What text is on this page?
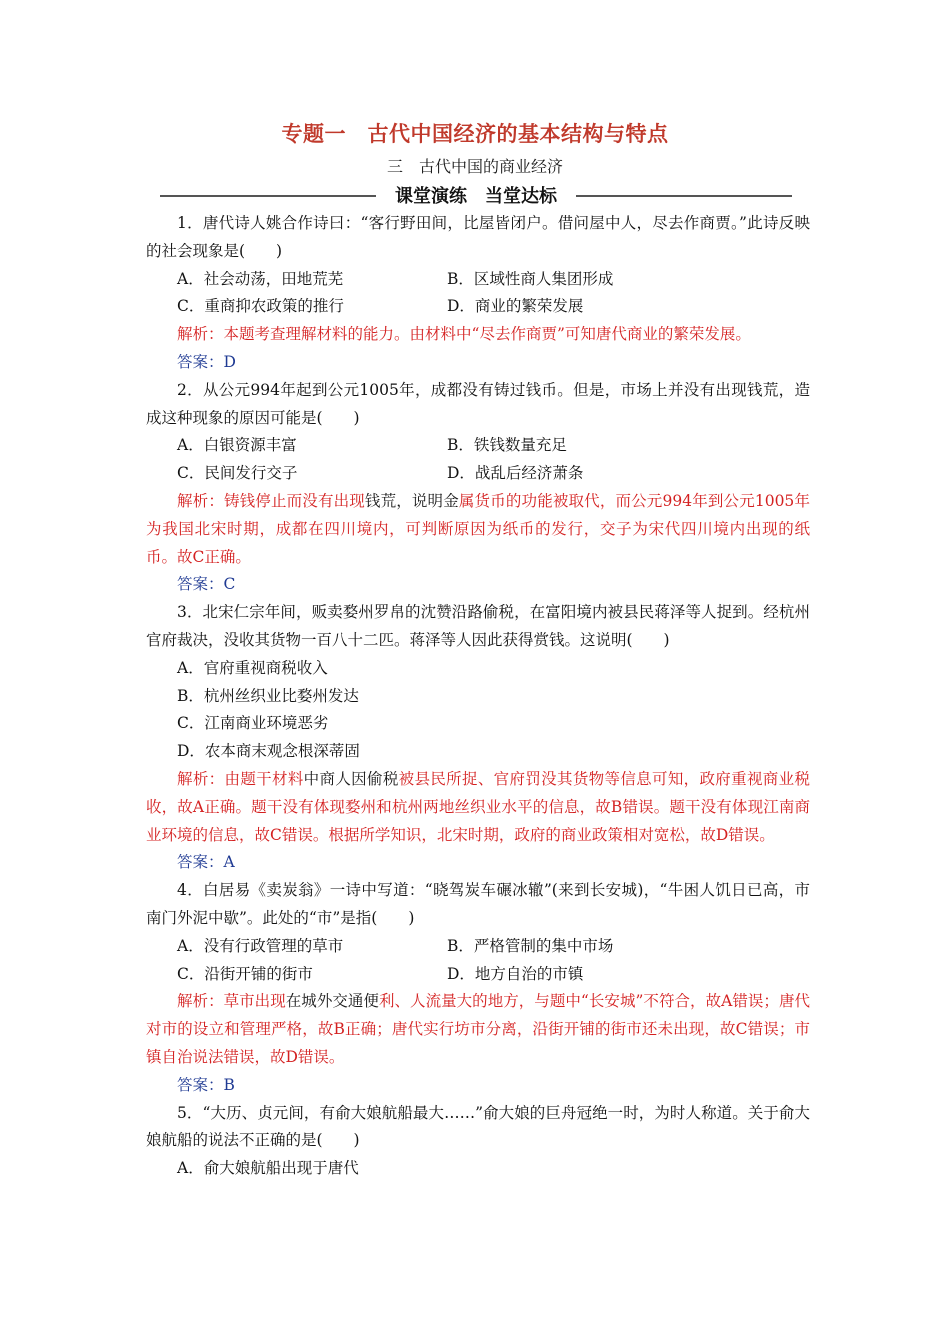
专题一　古代中国经济的基本结构与特点
三　古代中国的商业经济
课堂演练　当堂达标

1．唐代诗人姚合作诗曰：“客行野田间，比屋皆闭户。借问屋中人，尽去作商贾。”此诗反映的社会现象是(　　)

A．社会动荡，田地荒芜	B．区域性商人集团形成
C．重商抑农政策的推行	D．商业的繁荣发展

解析：本题考查理解材料的能力。由材料中“尽去作商贾”可知唐代商业的繁荣发展。

答案：D

2．从公元994年起到公元1005年，成都没有铸过钱币。但是，市场上并没有出现钱荒，造成这种现象的原因可能是(　　)

A．白银资源丰富	B．铁钱数量充足
C．民间发行交子	D．战乱后经济萧条

解析：铸钱停止而没有出现钱荒，说明金属货币的功能被取代，而公元994年到公元1005年为我国北宋时期，成都在四川境内，可判断原因为纸币的发行，交子为宋代四川境内出现的纸币。故C正确。

答案：C

3．北宋仁宗年间，贩卖婺州罗帛的沈赞沿路偷税，在富阳境内被县民蒋泽等人捉到。经杭州官府裁决，没收其货物一百八十二匹。蒋泽等人因此获得赏钱。这说明(　　)

A．官府重视商税收入
B．杭州丝织业比婺州发达
C．江南商业环境恶劣
D．农本商末观念根深蒂固

解析：由题干材料中商人因偷税被县民所捉、官府罚没其货物等信息可知，政府重视商业税收，故A正确。题干没有体现婺州和杭州两地丝织业水平的信息，故B错误。题干没有体现江南商业环境的信息，故C错误。根据所学知识，北宋时期，政府的商业政策相对宽松，故D错误。

答案：A

4．白居易《卖炭翁》一诗中写道：“晓驾炭车碾冰辙”(来到长安城)，“牛困人饥日已高，市南门外泥中歇”。此处的“市”是指(　　)

A．没有行政管理的草市	B．严格管制的集中市场
C．沿街开铺的街市	D．地方自治的市镇

解析：草市出现在城外交通便利、人流量大的地方，与题中“长安城”不符合，故A错误；唐代对市的设立和管理严格，故B正确；唐代实行坊市分离，沿街开铺的街市还未出现，故C错误；市镇自治说法错误，故D错误。

答案：B

5．“大历、贞元间，有俞大娘航船最大……”俞大娘的巨舟冠绝一时，为时人称道。关于俞大娘航船的说法不正确的是(　　)

A．俞大娘航船出现于唐代
